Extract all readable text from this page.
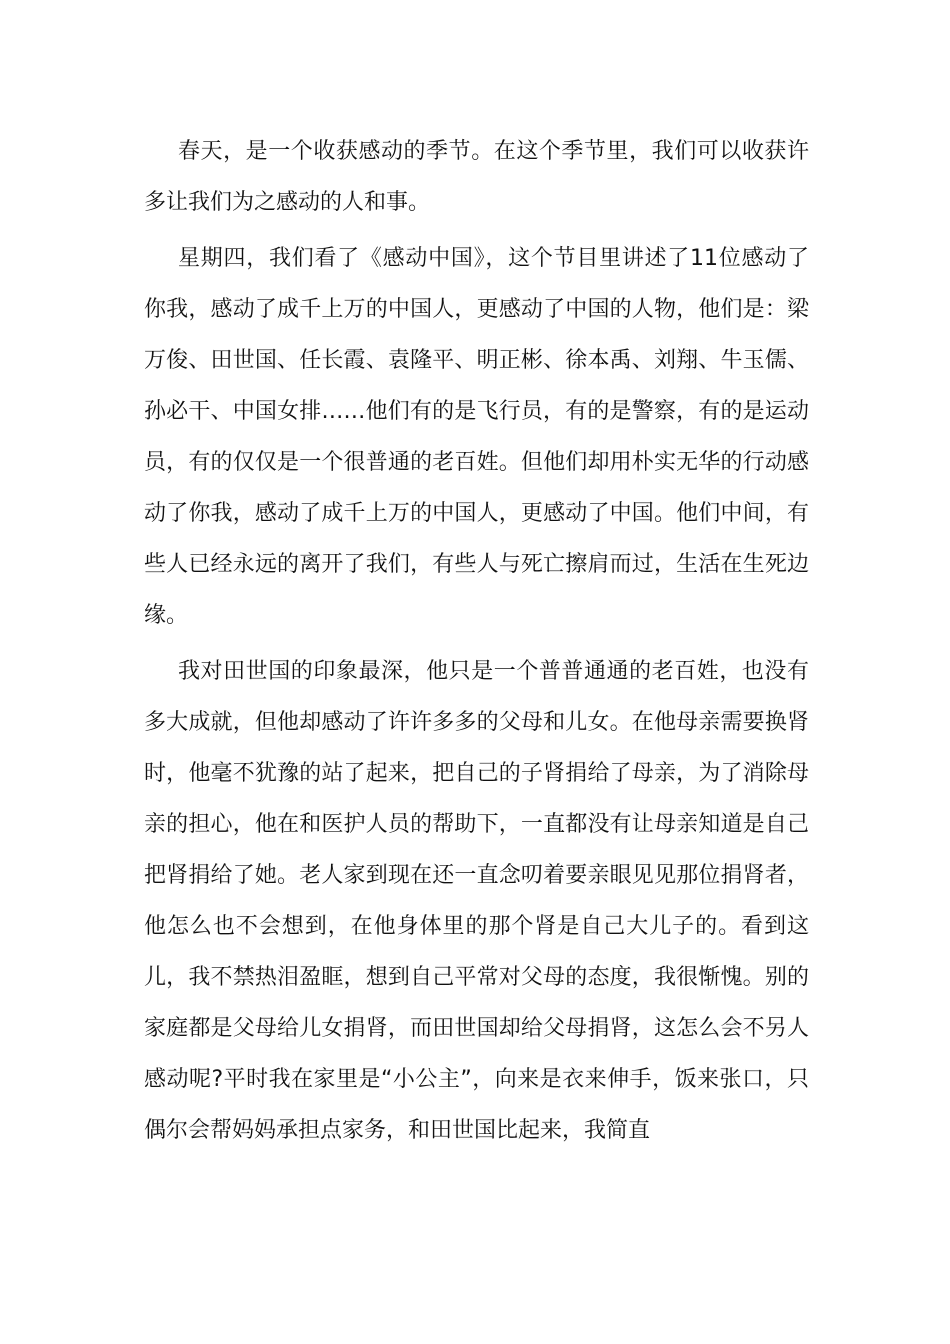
春天，是一个收获感动的季节。在这个季节里，我们可以收获许多让我们为之感动的人和事。

星期四，我们看了《感动中国》，这个节目里讲述了11位感动了你我，感动了成千上万的中国人，更感动了中国的人物，他们是：梁万俊、田世国、任长霞、袁隆平、明正彬、徐本禹、刘翔、牛玉儒、孙必干、中国女排……他们有的是飞行员，有的是警察，有的是运动员，有的仅仅是一个很普通的老百姓。但他们却用朴实无华的行动感动了你我，感动了成千上万的中国人，更感动了中国。他们中间，有些人已经永远的离开了我们，有些人与死亡擦肩而过，生活在生死边缘。

我对田世国的印象最深，他只是一个普普通通的老百姓，也没有多大成就，但他却感动了许许多多的父母和儿女。在他母亲需要换肾时，他毫不犹豫的站了起来，把自己的子肾捐给了母亲，为了消除母亲的担心，他在和医护人员的帮助下，一直都没有让母亲知道是自己把肾捐给了她。老人家到现在还一直念叨着要亲眼见见那位捐肾者，他怎么也不会想到，在他身体里的那个肾是自己大儿子的。看到这儿，我不禁热泪盈眶，想到自己平常对父母的态度，我很惭愧。别的家庭都是父母给儿女捐肾，而田世国却给父母捐肾，这怎么会不另人感动呢?平时我在家里是“小公主”，向来是衣来伸手，饭来张口，只偶尔会帮妈妈承担点家务，和田世国比起来，我简直
